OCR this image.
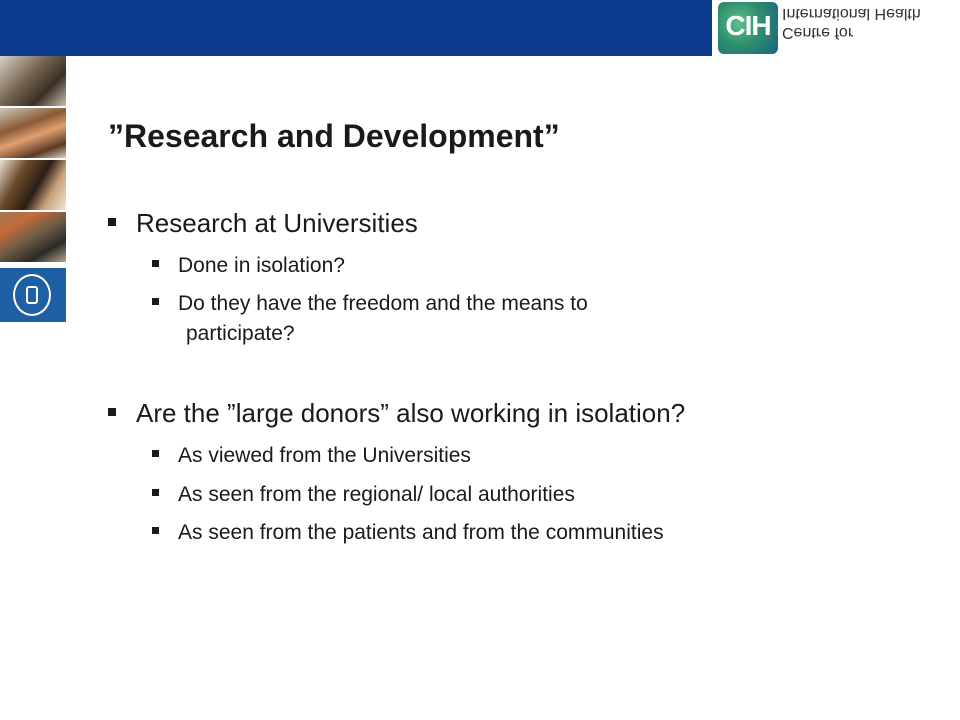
CIH Centre for
International Health
”Research and Development”
Research at Universities
Done in isolation?
Do they have the freedom and the means to
participate?
Are the ”large donors” also working in isolation?
As viewed from the Universities
As seen from the regional/ local authorities
As seen from the patients and from the communities
